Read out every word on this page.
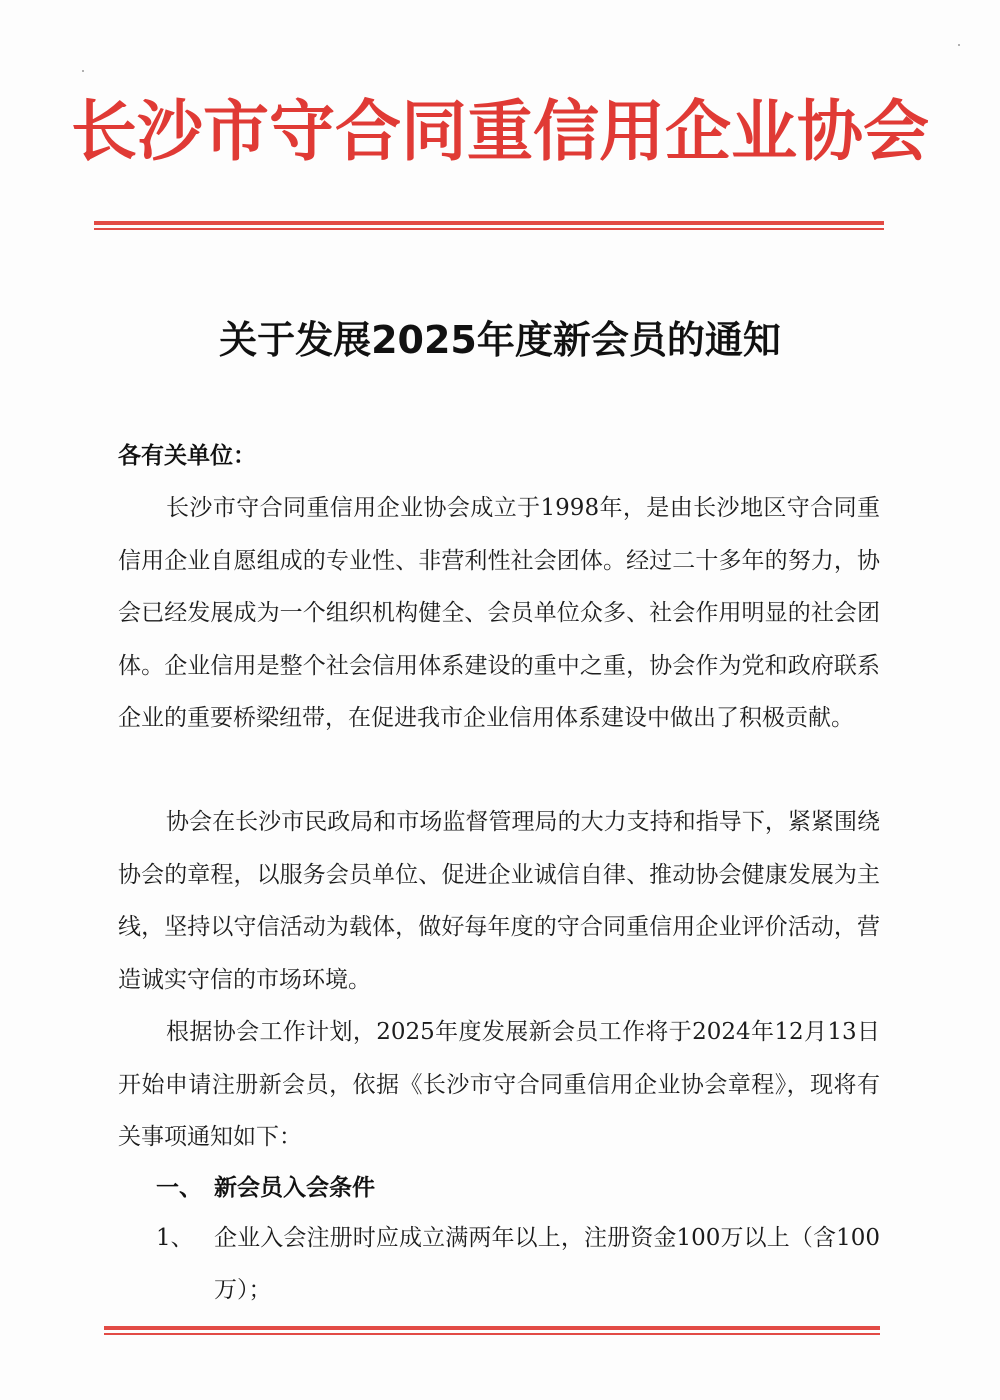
长沙市守合同重信用企业协会
关于发展2025年度新会员的通知
各有关单位：
长沙市守合同重信用企业协会成立于1998年，是由长沙地区守合同重信用企业自愿组成的专业性、非营利性社会团体。经过二十多年的努力，协会已经发展成为一个组织机构健全、会员单位众多、社会作用明显的社会团体。企业信用是整个社会信用体系建设的重中之重，协会作为党和政府联系企业的重要桥梁纽带，在促进我市企业信用体系建设中做出了积极贡献。
协会在长沙市民政局和市场监督管理局的大力支持和指导下，紧紧围绕协会的章程，以服务会员单位、促进企业诚信自律、推动协会健康发展为主线，坚持以守信活动为载体，做好每年度的守合同重信用企业评价活动，营造诚实守信的市场环境。
根据协会工作计划，2025年度发展新会员工作将于2024年12月13日开始申请注册新会员，依据《长沙市守合同重信用企业协会章程》，现将有关事项通知如下：
一、 新会员入会条件
1、 企业入会注册时应成立满两年以上，注册资金100万以上（含100万）；
